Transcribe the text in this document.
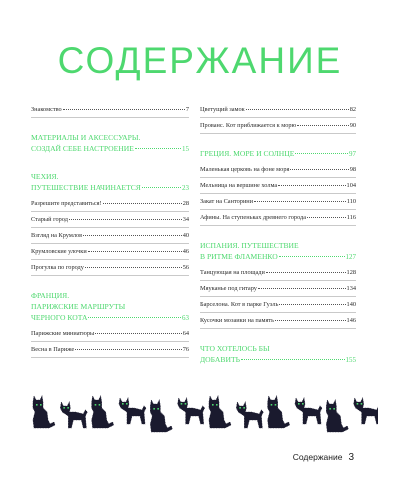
СОДЕРЖАНИЕ
Знакомство	7
МАТЕРИАЛЫ И АКСЕССУАРЫ.
СОЗДАЙ СЕБЕ НАСТРОЕНИЕ	15
ЧЕХИЯ.
ПУТЕШЕСТВИЕ НАЧИНАЕТСЯ	23
Разрешите представиться!	28
Старый город	34
Взгляд на Крумлов	40
Крумловские улочки	46
Прогулка по городу	56
ФРАНЦИЯ.
ПАРИЖСКИЕ МАРШРУТЫ
ЧЕРНОГО КОТА	63
Парижские миниатюры	64
Весна в Париже	76
Цветущий замок	82
Прованс. Кот приближается к морю	90
ГРЕЦИЯ. МОРЕ И СОЛНЦЕ	97
Маленькая церковь на фоне моря	98
Мельница на вершине холма	104
Закат на Санторини	110
Афины. На ступеньках древнего города	116
ИСПАНИЯ. ПУТЕШЕСТВИЕ
В РИТМЕ ФЛАМЕНКО	127
Танцующая на площади	128
Мяуканье под гитару	134
Барселона. Кот в парке Гуэль	140
Кусочки мозаики на память	146
ЧТО ХОТЕЛОСЬ БЫ
ДОБАВИТЬ	155
Содержание 3
